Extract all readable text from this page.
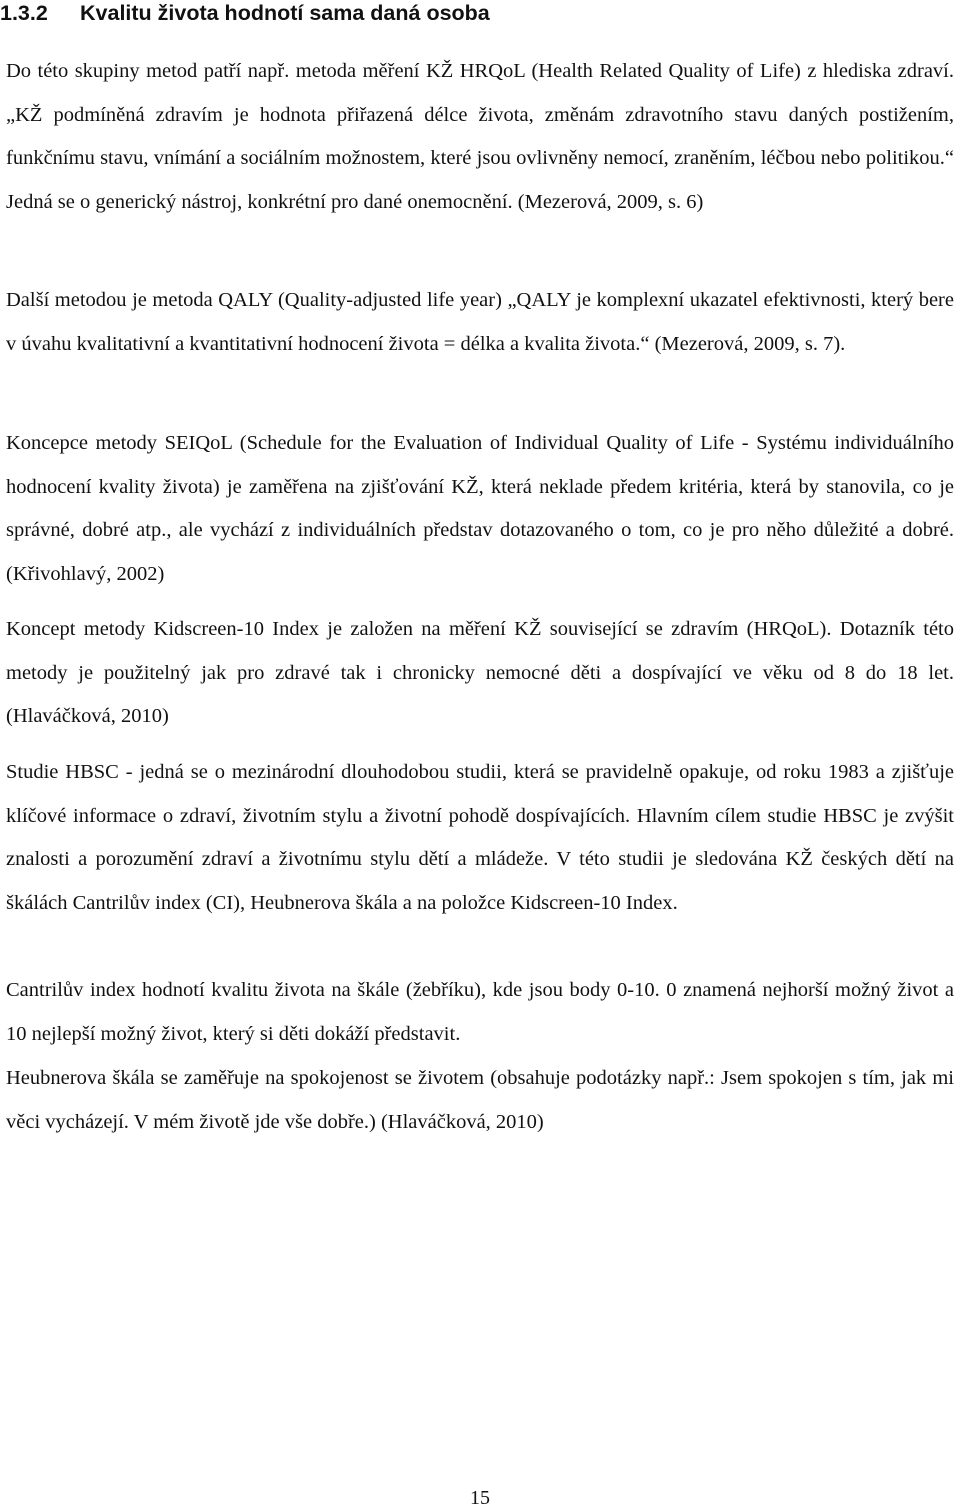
1.3.2 Kvalitu života hodnotí sama daná osoba

Do této skupiny metod patří např. metoda měření KŽ HRQoL (Health Related Quality of Life) z hlediska zdraví. „KŽ podmíněná zdravím je hodnota přiřazená délce života, změnám zdravotního stavu daných postižením, funkčnímu stavu, vnímání a sociálním možnostem, které jsou ovlivněny nemocí, zraněním, léčbou nebo politikou.“ Jedná se o generický nástroj, konkrétní pro dané onemocnění. (Mezerová, 2009, s. 6)

Další metodou je metoda QALY (Quality-adjusted life year) „QALY je komplexní ukazatel efektivnosti, který bere v úvahu kvalitativní a kvantitativní hodnocení života = délka a kvalita života.“ (Mezerová, 2009, s. 7).

Koncepce metody SEIQoL (Schedule for the Evaluation of Individual Quality of Life - Systému individuálního hodnocení kvality života) je zaměřena na zjišťování KŽ, která neklade předem kritéria, která by stanovila, co je správné, dobré atp., ale vychází z individuálních představ dotazovaného o tom, co je pro něho důležité a dobré. (Křivohlavý, 2002)

Koncept metody Kidscreen-10 Index je založen na měření KŽ související se zdravím (HRQoL). Dotazník této metody je použitelný jak pro zdravé tak i chronicky nemocné děti a dospívající ve věku od 8 do 18 let. (Hlaváčková, 2010)

Studie HBSC - jedná se o mezinárodní dlouhodobou studii, která se pravidelně opakuje, od roku 1983 a zjišťuje klíčové informace o zdraví, životním stylu a životní pohodě dospívajících. Hlavním cílem studie HBSC je zvýšit znalosti a porozumění zdraví a životnímu stylu dětí a mládeže. V této studii je sledována KŽ českých dětí na škálách Cantrilův index (CI), Heubnerova škála a na položce Kidscreen-10 Index.

Cantrilův index hodnotí kvalitu života na škále (žebříku), kde jsou body 0-10. 0 znamená nejhorší možný život a 10 nejlepší možný život, který si děti dokáží představit.

Heubnerova škála se zaměřuje na spokojenost se životem (obsahuje podotázky např.: Jsem spokojen s tím, jak mi věci vycházejí. V mém životě jde vše dobře.) (Hlaváčková, 2010)

15
